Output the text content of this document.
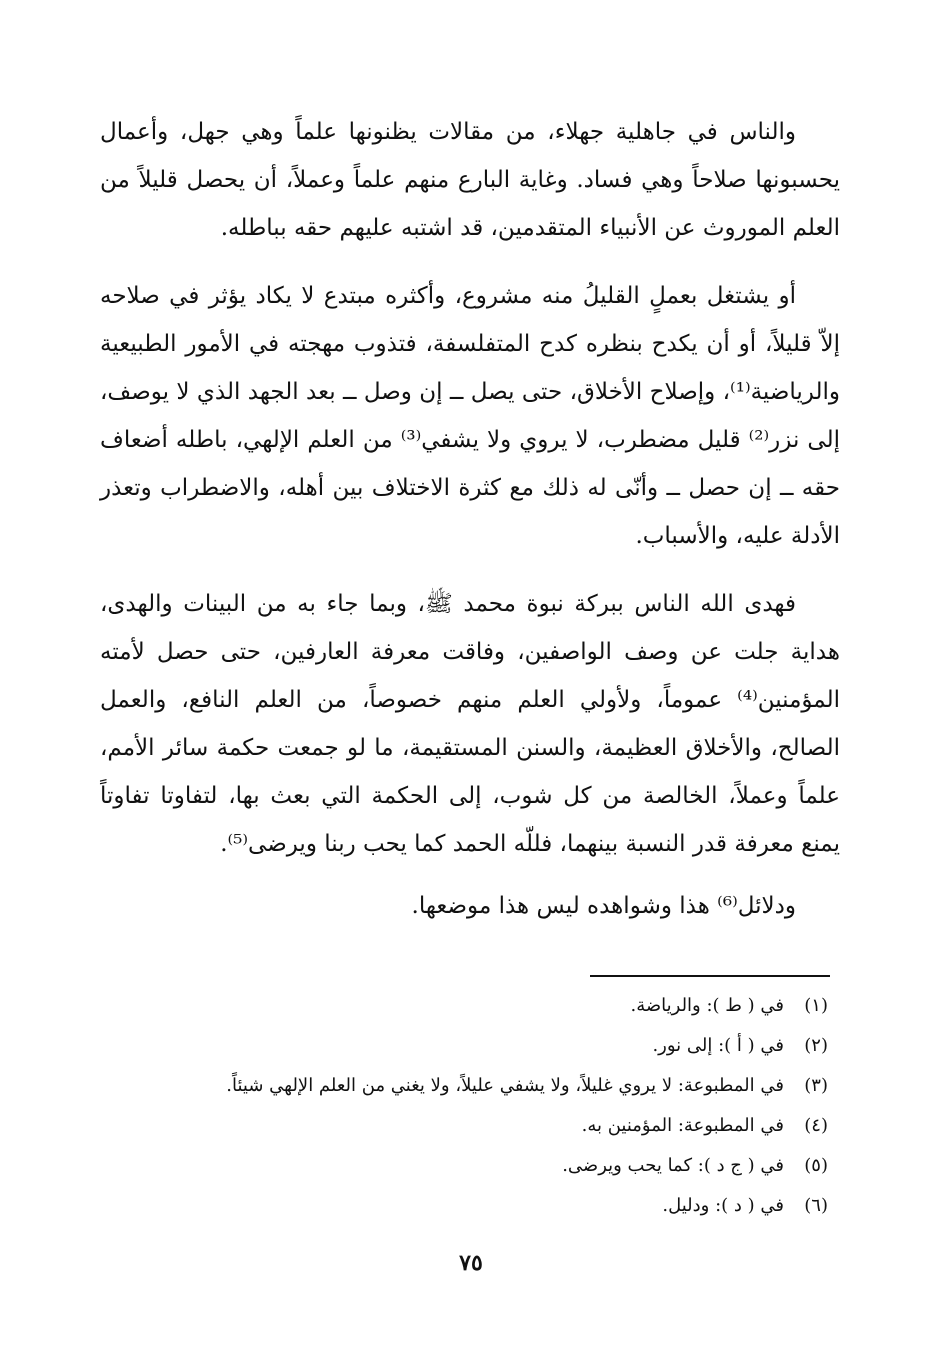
والناس في جاهلية جهلاء، من مقالات يظنونها علماً وهي جهل، وأعمال يحسبونها صلاحاً وهي فساد. وغاية البارع منهم علماً وعملاً، أن يحصل قليلاً من العلم الموروث عن الأنبياء المتقدمين، قد اشتبه عليهم حقه بباطله.

أو يشتغل بعملٍ القليلُ منه مشروع، وأكثره مبتدع لا يكاد يؤثر في صلاحه إلاّ قليلاً، أو أن يكدح بنظره كدح المتفلسفة، فتذوب مهجته في الأمور الطبيعية والرياضية⁽¹⁾، وإصلاح الأخلاق، حتى يصل ــ إن وصل ــ بعد الجهد الذي لا يوصف، إلى نزر⁽²⁾ قليل مضطرب، لا يروي ولا يشفي⁽³⁾ من العلم الإلهي، باطله أضعاف حقه ــ إن حصل ــ وأنّى له ذلك مع كثرة الاختلاف بين أهله، والاضطراب وتعذر الأدلة عليه، والأسباب.

فهدى الله الناس ببركة نبوة محمد ﷺ، وبما جاء به من البينات والهدى، هداية جلت عن وصف الواصفين، وفاقت معرفة العارفين، حتى حصل لأمته المؤمنين⁽⁴⁾ عموماً، ولأولي العلم منهم خصوصاً، من العلم النافع، والعمل الصالح، والأخلاق العظيمة، والسنن المستقيمة، ما لو جمعت حكمة سائر الأمم، علماً وعملاً، الخالصة من كل شوب، إلى الحكمة التي بعث بها، لتفاوتا تفاوتاً يمنع معرفة قدر النسبة بينهما، فللّه الحمد كما يحب ربنا ويرضى⁽⁵⁾.

ودلائل⁽⁶⁾ هذا وشواهده ليس هذا موضعها.

(١)
في ( ط ): والرياضة.
(٢)
في ( أ ): إلى نور.
(٣)
في المطبوعة: لا يروي غليلاً، ولا يشفي عليلاً، ولا يغني من العلم الإلهي شيئاً.
(٤)
في المطبوعة: المؤمنين به.
(٥)
في ( ج د ): كما يحب ويرضى.
(٦)
في ( د ): ودليل.
٧٥
